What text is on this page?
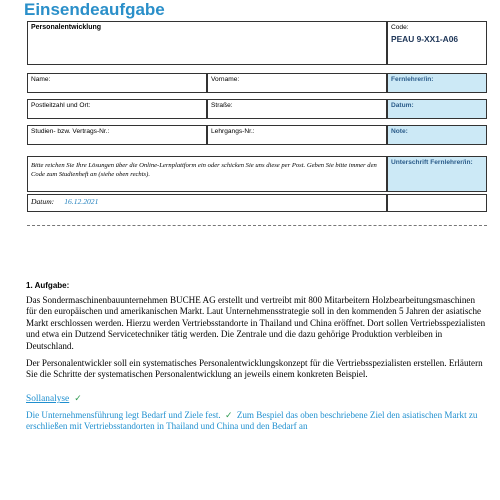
Einsendeaufgabe
Personalentwicklung	Code:
PEAU 9-XX1-A06
Name:	Vorname:	Fernlehrer/in:
Postleitzahl und Ort:	Straße:	Datum:
Studien- bzw. Vertrags-Nr.:	Lehrgangs-Nr.:	Note:
Bitte reichen Sie Ihre Lösungen über die Online-Lernplattform ein oder schicken Sie uns diese per Post. Geben Sie bitte immer den Code zum Studienheft an (siehe oben rechts).
Unterschrift Fernlehrer/in:
Datum: 16.12.2021
1. Aufgabe:

Das Sondermaschinenbauunternehmen BUCHE AG erstellt und vertreibt mit 800 Mitarbeitern Holzbearbeitungsmaschinen für den europäischen und amerikanischen Markt. Laut Unternehmensstrategie soll in den kommenden 5 Jahren der asiatische Markt erschlossen werden. Hierzu werden Vertriebsstandorte in Thailand und China eröffnet. Dort sollen Vertriebsspezialisten und etwa ein Dutzend Servicetechniker tätig werden. Die Zentrale und die dazu gehörige Produktion verbleiben in Deutschland.

Der Personalentwickler soll ein systematisches Personalentwicklungskonzept für die Vertriebsspezialisten erstellen. Erläutern Sie die Schritte der systematischen Personalentwicklung an jeweils einem konkreten Beispiel.

Sollanalyse ✓
Die Unternehmensführung legt Bedarf und Ziele fest. ✓ Zum Bespiel das oben beschriebene Ziel den asiatischen Markt zu erschließen mit Vertriebsstandorten in Thailand und China und den Bedarf an
